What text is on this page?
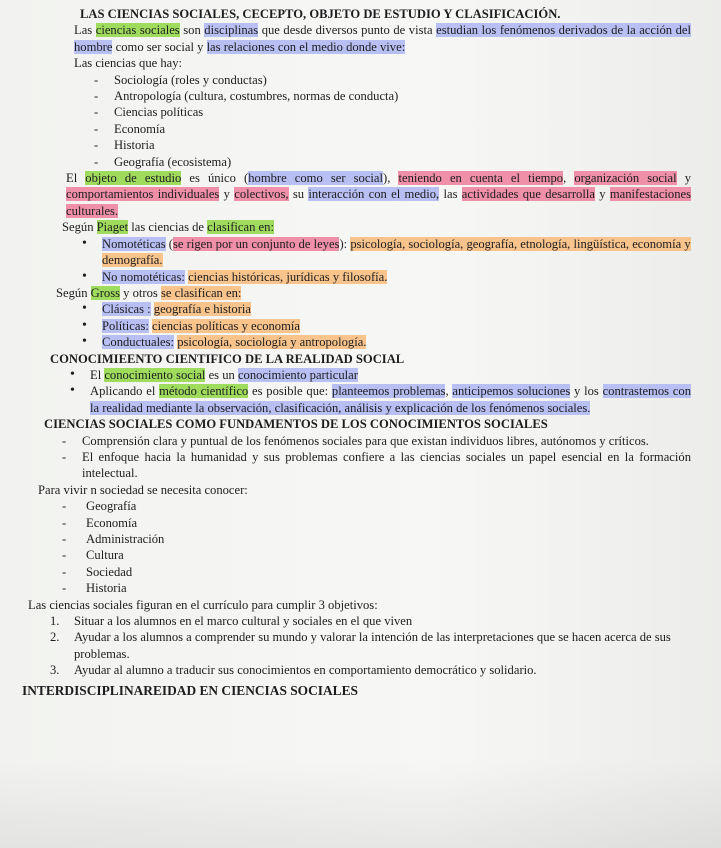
LAS CIENCIAS SOCIALES, CECEPTO, OBJETO DE ESTUDIO Y CLASIFICACIÓN.

Las ciencias sociales son disciplinas que desde diversos punto de vista estudian los fenómenos derivados de la acción del hombre como ser social y las relaciones con el medio donde vive:

Las ciencias que hay:

- Sociología (roles y conductas)
- Antropología (cultura, costumbres, normas de conducta)
- Ciencias políticas
- Economía
- Historia
- Geografía (ecosistema)

El objeto de estudio es único (hombre como ser social), teniendo en cuenta el tiempo, organización social y comportamientos individuales y colectivos, su interacción con el medio, las actividades que desarrolla y manifestaciones culturales.

Según Piaget las ciencias de clasifican en:

• Nomotéticas (se rigen por un conjunto de leyes): psicología, sociología, geografía, etnología, lingüística, economía y demografía.
• No nomotéticas: ciencias históricas, jurídicas y filosofía.

Según Gross y otros se clasifican en:

• Clásicas : geografía e historia
• Políticas: ciencias políticas y economía
• Conductuales: psicología, sociología y antropología.

CONOCIMIEENTO CIENTIFICO DE LA REALIDAD SOCIAL

• El conocimiento social es un conocimiento particular
• Aplicando el método científico es posible que: planteemos problemas, anticipemos soluciones y los contrastemos con la realidad mediante la observación, clasificación, análisis y explicación de los fenómenos sociales.

CIENCIAS SOCIALES COMO FUNDAMENTOS DE LOS CONOCIMIENTOS SOCIALES

- Comprensión clara y puntual de los fenómenos sociales para que existan individuos libres, autónomos y críticos.
- El enfoque hacia la humanidad y sus problemas confiere a las ciencias sociales un papel esencial en la formación intelectual.

Para vivir n sociedad se necesita conocer:

- Geografía
- Economía
- Administración
- Cultura
- Sociedad
- Historia

Las ciencias sociales figuran en el currículo para cumplir 3 objetivos:

1. Situar a los alumnos en el marco cultural y sociales en el que viven
2. Ayudar a los alumnos a comprender su mundo y valorar la intención de las interpretaciones que se hacen acerca de sus problemas.
3. Ayudar al alumno a traducir sus conocimientos en comportamiento democrático y solidario.

INTERDISCIPLINAREIDAD EN CIENCIAS SOCIALES
